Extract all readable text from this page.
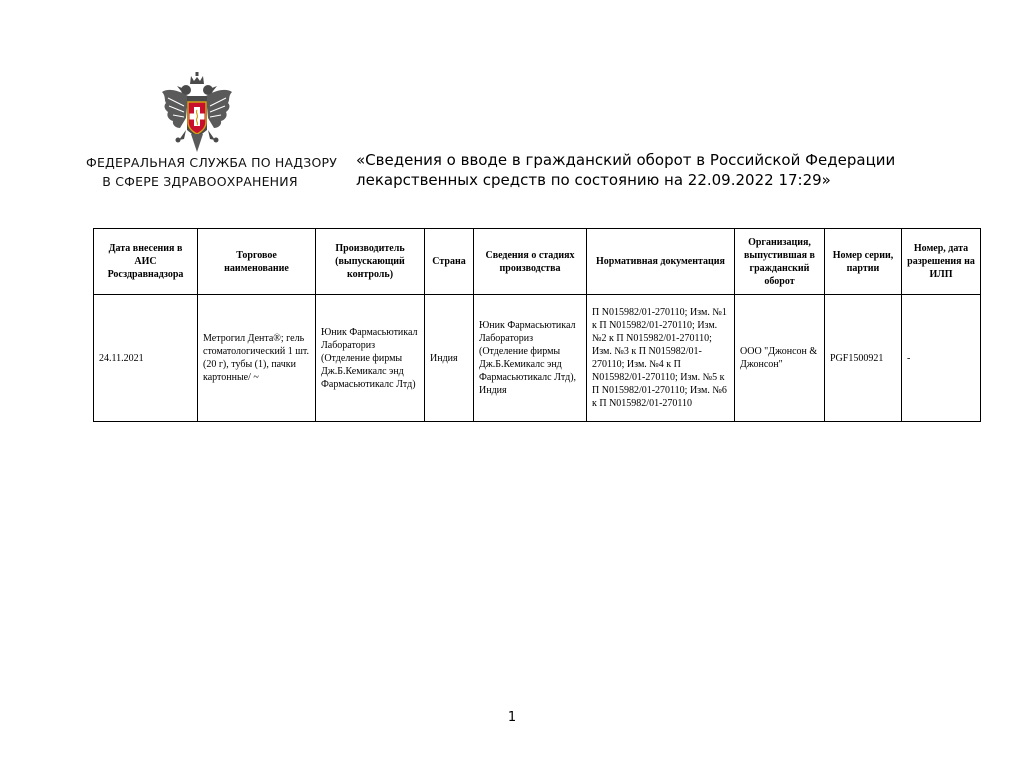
ФЕДЕРАЛЬНАЯ СЛУЖБА ПО НАДЗОРУ
В СФЕРЕ ЗДРАВООХРАНЕНИЯ
«Сведения о вводе в гражданский оборот в Российской Федерации
лекарственных средств по состоянию на 22.09.2022 17:29»
Дата внесения в АИС Росздравнадзора	Торговое наименование	Производитель (выпускающий контроль)	Страна	Сведения о стадиях производства	Нормативная документация	Организация, выпустившая в гражданский оборот	Номер серии, партии	Номер, дата разрешения на ИЛП
24.11.2021	Метрогил Дента®; гель стоматологический 1 шт. (20 г), тубы (1), пачки картонные/ ~	Юник Фармасьютикал Лабораториз (Отделение фирмы Дж.Б.Кемикалс энд Фармасьютикалс Лтд)	Индия	Юник Фармасьютикал Лабораториз (Отделение фирмы Дж.Б.Кемикалс энд Фармасьютикалс Лтд), Индия	П N015982/01-270110; Изм. №1 к П N015982/01-270110; Изм. №2 к П N015982/01-270110; Изм. №3 к П N015982/01-270110; Изм. №4 к П N015982/01-270110; Изм. №5 к П N015982/01-270110; Изм. №6 к П N015982/01-270110	ООО "Джонсон & Джонсон"	PGF1500921	-
1
